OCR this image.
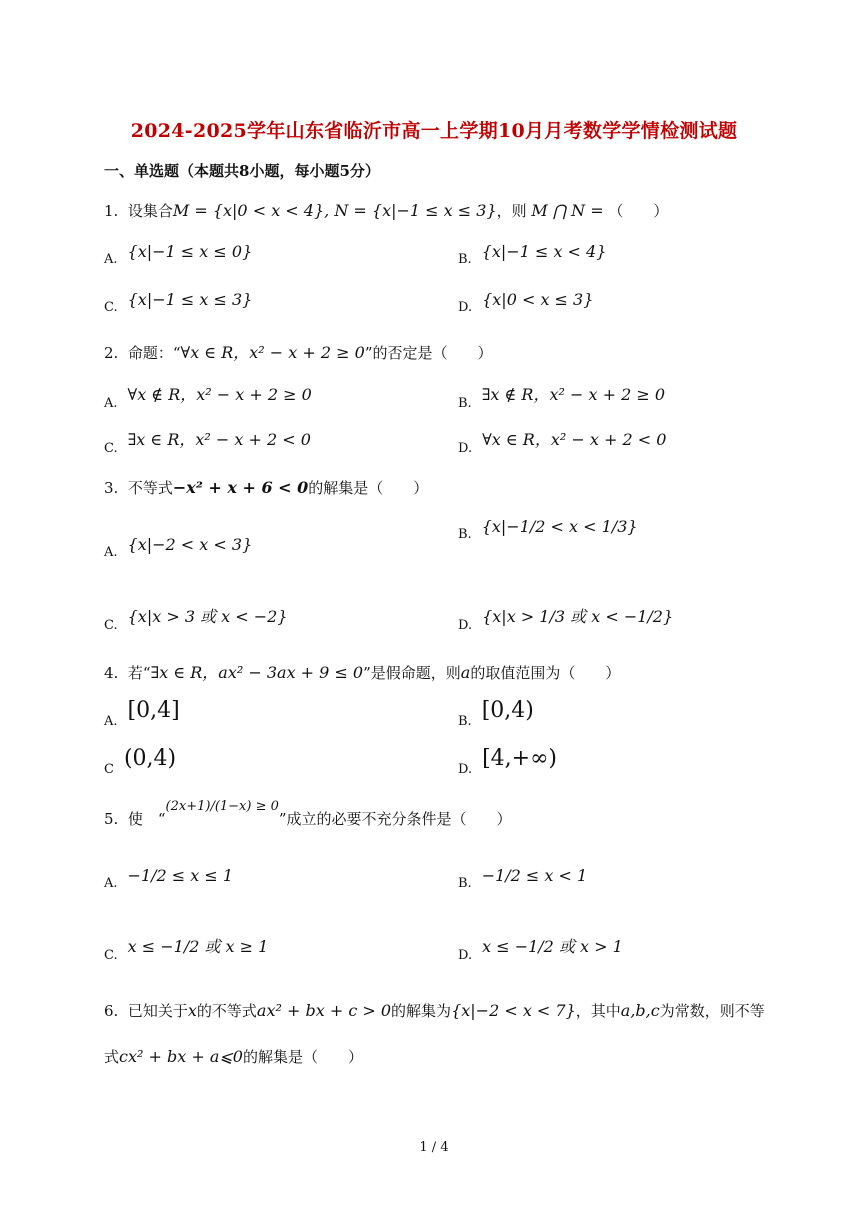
2024-2025学年山东省临沂市高一上学期10月月考数学学情检测试题
一、单选题（本题共8小题，每小题5分）
1. 设集合M = {x|0 < x < 4}, N = {x|−1 ≤ x ≤ 3}，则 M ⋂ N = （　　）
A. {x|−1 ≤ x ≤ 0}	B. {x|−1 ≤ x < 4}
C. {x|−1 ≤ x ≤ 3}	D. {x|0 < x ≤ 3}
2. 命题：“∀x ∈ R，x² − x + 2 ≥ 0”的否定是（　　）
A. ∀x ∉ R，x² − x + 2 ≥ 0	B. ∃x ∉ R，x² − x + 2 ≥ 0
C. ∃x ∈ R，x² − x + 2 < 0	D. ∀x ∈ R，x² − x + 2 < 0
3. 不等式−x² + x + 6 < 0的解集是（　　）
A. {x|−2 < x < 3}
B. {x|−1/2 < x < 1/3}
C. {x|x > 3 或 x < −2}	D. {x|x > 1/3 或 x < −1/2}
4. 若“∃x ∈ R，ax² − 3ax + 9 ≤ 0”是假命题，则a的取值范围为（　　）
A. [0,4]	B. [0,4)
C (0,4)	D. [4,+∞)
5. 使　“(2x+1)/(1−x) ≥ 0”成立的必要不充分条件是（　　）
A. −1/2 ≤ x ≤ 1	B. −1/2 ≤ x < 1
C. x ≤ −1/2 或 x ≥ 1	D. x ≤ −1/2 或 x > 1
6. 已知关于x的不等式ax² + bx + c > 0的解集为{x|−2 < x < 7}，其中a,b,c为常数，则不等
式cx² + bx + a⩽0的解集是（　　）
1 / 4
